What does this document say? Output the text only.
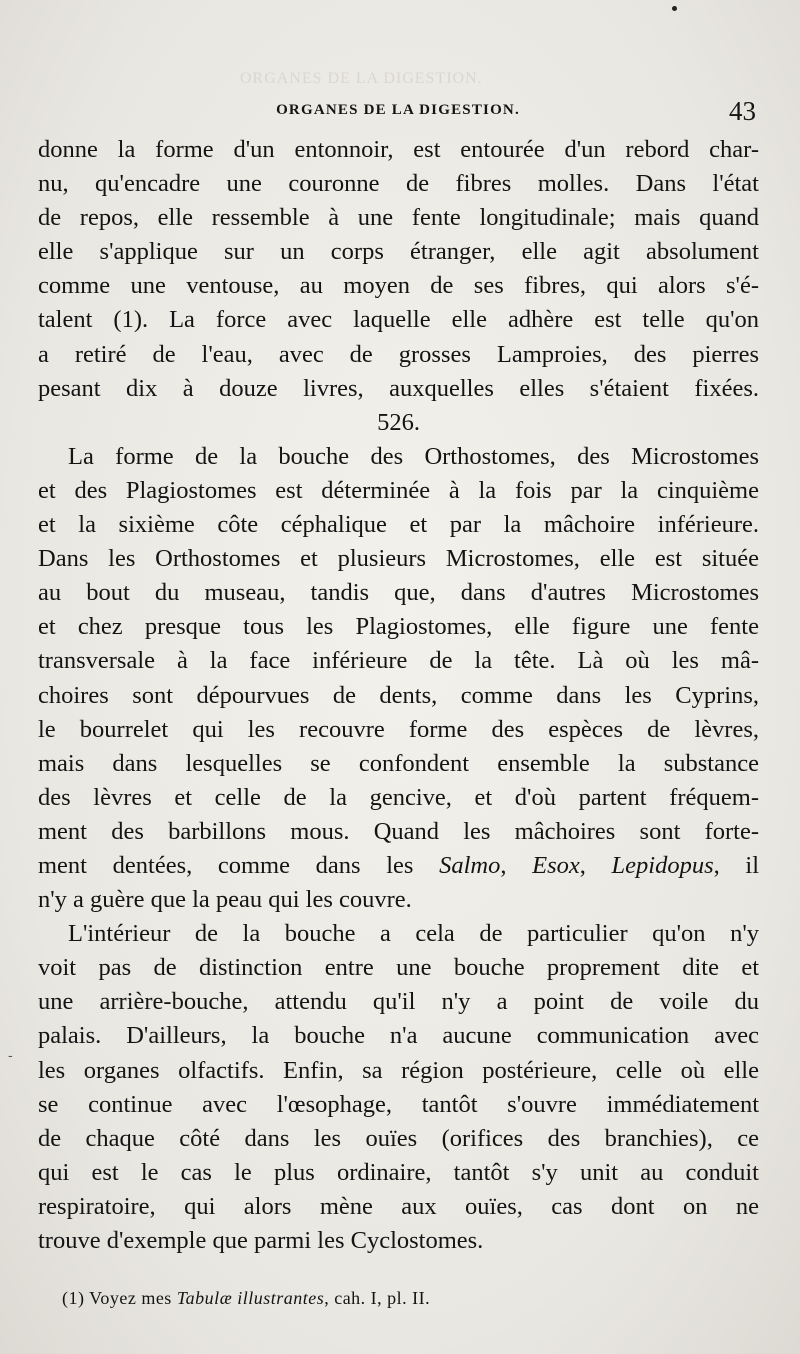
ORGANES DE LA DIGESTION.
-
ORGANES DE LA DIGESTION.	43

donne la forme d'un entonnoir, est entourée d'un rebord char-
nu, qu'encadre une couronne de fibres molles. Dans l'état
de repos, elle ressemble à une fente longitudinale; mais quand
elle s'applique sur un corps étranger, elle agit absolument
comme une ventouse, au moyen de ses fibres, qui alors s'é-
talent (1). La force avec laquelle elle adhère est telle qu'on
a retiré de l'eau, avec de grosses Lamproies, des pierres
pesant dix à douze livres, auxquelles elles s'étaient fixées.

526.

La forme de la bouche des Orthostomes, des Microstomes
et des Plagiostomes est déterminée à la fois par la cinquième
et la sixième côte céphalique et par la mâchoire inférieure.
Dans les Orthostomes et plusieurs Microstomes, elle est située
au bout du museau, tandis que, dans d'autres Microstomes
et chez presque tous les Plagiostomes, elle figure une fente
transversale à la face inférieure de la tête. Là où les mâ-
choires sont dépourvues de dents, comme dans les Cyprins,
le bourrelet qui les recouvre forme des espèces de lèvres,
mais dans lesquelles se confondent ensemble la substance
des lèvres et celle de la gencive, et d'où partent fréquem-
ment des barbillons mous. Quand les mâchoires sont forte-
ment dentées, comme dans les Salmo, Esox, Lepidopus, il
n'y a guère que la peau qui les couvre.

L'intérieur de la bouche a cela de particulier qu'on n'y
voit pas de distinction entre une bouche proprement dite et
une arrière-bouche, attendu qu'il n'y a point de voile du
palais. D'ailleurs, la bouche n'a aucune communication avec
les organes olfactifs. Enfin, sa région postérieure, celle où elle
se continue avec l'œsophage, tantôt s'ouvre immédiatement
de chaque côté dans les ouïes (orifices des branchies), ce
qui est le cas le plus ordinaire, tantôt s'y unit au conduit
respiratoire, qui alors mène aux ouïes, cas dont on ne
trouve d'exemple que parmi les Cyclostomes.

(1) Voyez mes Tabulæ illustrantes, cah. I, pl. II.
